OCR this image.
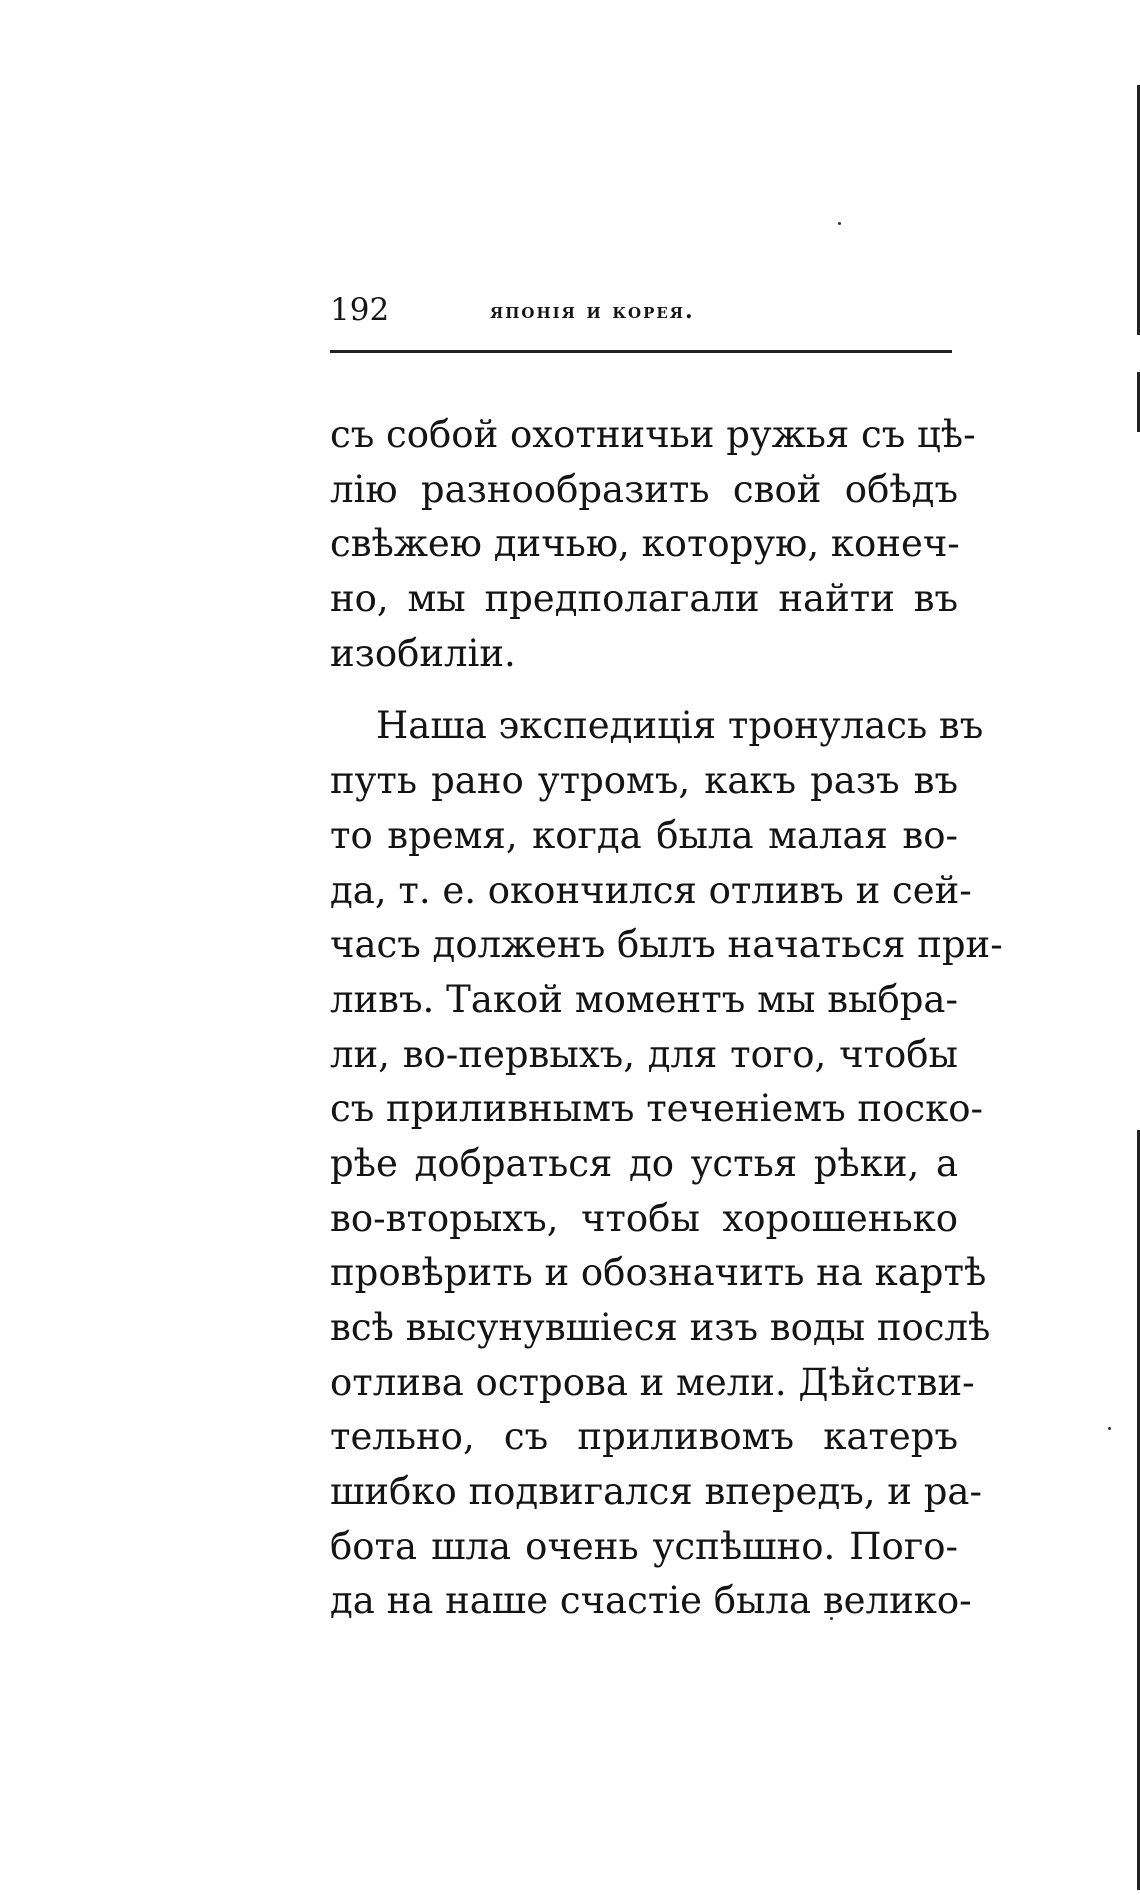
192	японія и корея.
съ собой охотничьи ружья съ цѣ-
лію разнообразить свой обѣдъ
свѣжею дичью, которую, конеч-
но, мы предполагали найти въ
изобиліи.
Наша экспедиція тронулась въ
путь рано утромъ, какъ разъ въ
то время, когда была малая во-
да, т. е. окончился отливъ и сей-
часъ долженъ былъ начаться при-
ливъ. Такой моментъ мы выбра-
ли, во-первыхъ, для того, чтобы
съ приливнымъ теченіемъ поско-
рѣе добраться до устья рѣки, а
во-вторыхъ, чтобы хорошенько
провѣрить и обозначить на картѣ
всѣ высунувшіеся изъ воды послѣ
отлива острова и мели. Дѣйстви-
тельно, съ приливомъ катеръ
шибко подвигался впередъ, и ра-
бота шла очень успѣшно. Пого-
да на наше счастіе была велико-
